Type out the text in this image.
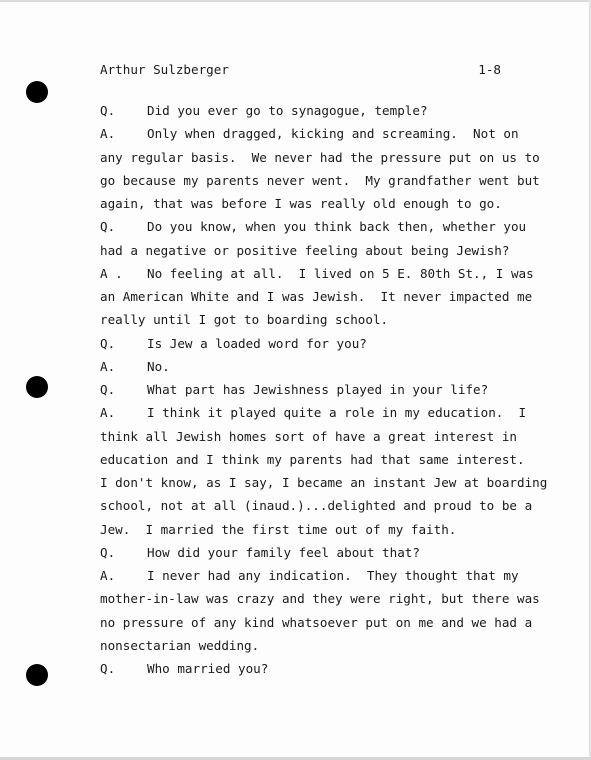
Arthur Sulzberger	1-8
Q.	Did you ever go to synagogue, temple?
A.	Only when dragged, kicking and screaming.  Not on
any regular basis.  We never had the pressure put on us to
go because my parents never went.  My grandfather went but
again, that was before I was really old enough to go.
Q.	Do you know, when you think back then, whether you
had a negative or positive feeling about being Jewish?
A . No feeling at all.  I lived on 5 E. 80th St., I was
an American White and I was Jewish.  It never impacted me
really until I got to boarding school.
Q.	Is Jew a loaded word for you?
A.	No.
Q.	What part has Jewishness played in your life?
A.	I think it played quite a role in my education.  I
think all Jewish homes sort of have a great interest in
education and I think my parents had that same interest.
I don't know, as I say, I became an instant Jew at boarding
school, not at all (inaud.)...delighted and proud to be a
Jew.  I married the first time out of my faith.
Q.	How did your family feel about that?
A.	I never had any indication.  They thought that my
mother-in-law was crazy and they were right, but there was
no pressure of any kind whatsoever put on me and we had a
nonsectarian wedding.
Q.	Who married you?
